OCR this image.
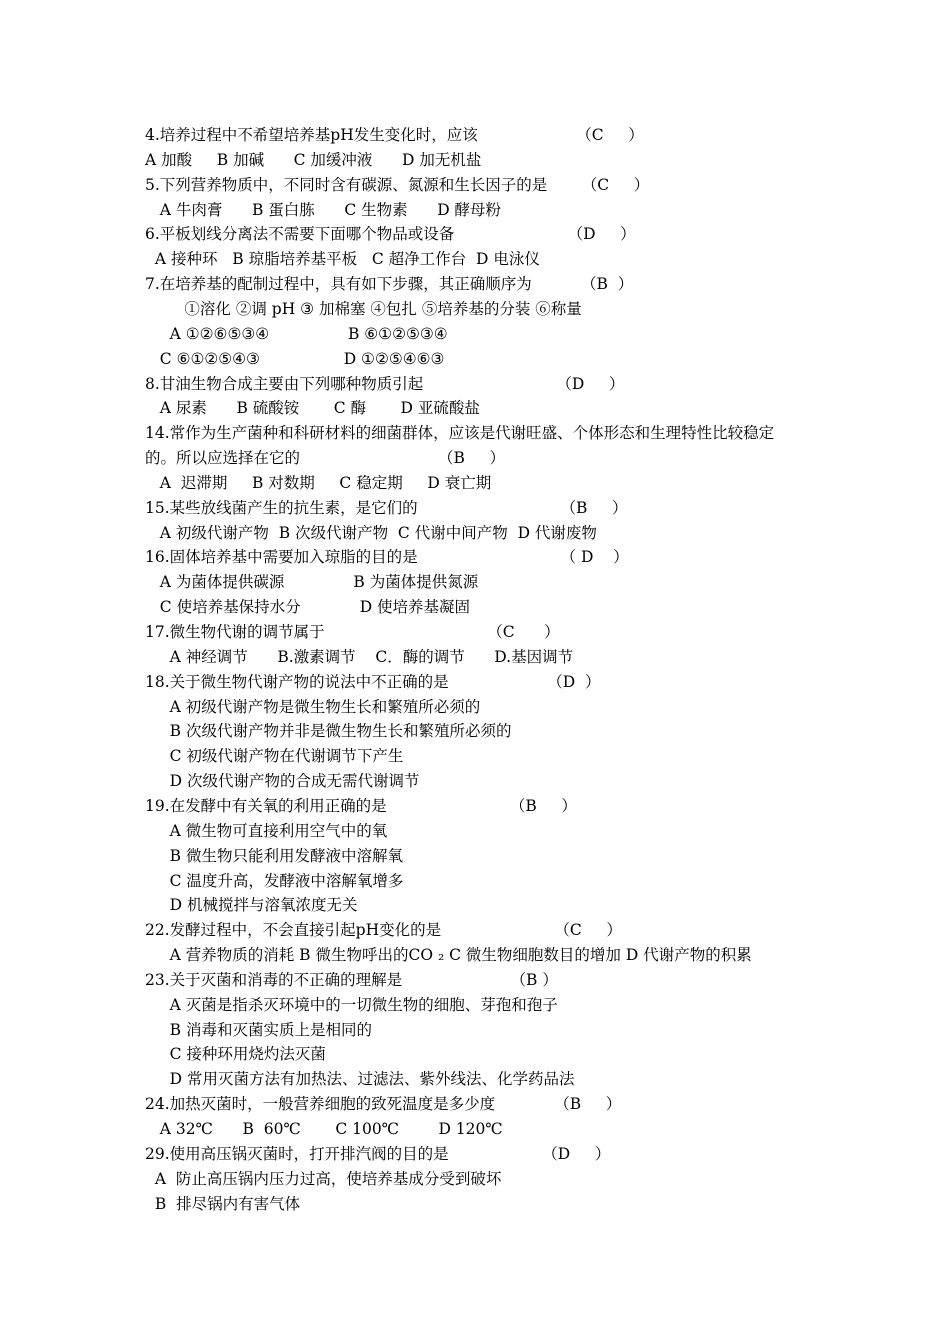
4.培养过程中不希望培养基pH发生变化时，应该                    （C     ）
A 加酸     B 加碱      C 加缓冲液      D 加无机盐
5.下列营养物质中，不同时含有碳源、氮源和生长因子的是       （C     ）
A 牛肉膏      B 蛋白胨      C 生物素      D 酵母粉
6.平板划线分离法不需要下面哪个物品或设备                       （D     ）
A 接种环   B 琼脂培养基平板   C 超净工作台  D 电泳仪
7.在培养基的配制过程中，具有如下步骤，其正确顺序为          （B  ）
①溶化 ②调 pH ③ 加棉塞 ④包扎 ⑤培养基的分装 ⑥称量
A ①②⑥⑤③④                B ⑥①②⑤③④
C ⑥①②⑤④③                 D ①②⑤④⑥③
8.甘油生物合成主要由下列哪种物质引起                           （D     ）
A 尿素      B 硫酸铵       C 酶       D 亚硫酸盐
14.常作为生产菌种和科研材料的细菌群体，应该是代谢旺盛、个体形态和生理特性比较稳定
的。所以应选择在它的                            （B     ）
A  迟滞期     B 对数期     C 稳定期     D 衰亡期
15.某些放线菌产生的抗生素，是它们的                             （B     ）
A 初级代谢产物  B 次级代谢产物  C 代谢中间产物  D 代谢废物
16.固体培养基中需要加入琼脂的目的是                             （ D    ）
A 为菌体提供碳源              B 为菌体提供氮源
C 使培养基保持水分            D 使培养基凝固
17.微生物代谢的调节属于                                 （C      ）
A 神经调节      B.激素调节    C．酶的调节      D.基因调节
18.关于微生物代谢产物的说法中不正确的是                    （D  ）
A 初级代谢产物是微生物生长和繁殖所必须的
B 次级代谢产物并非是微生物生长和繁殖所必须的
C 初级代谢产物在代谢调节下产生
D 次级代谢产物的合成无需代谢调节
19.在发酵中有关氧的利用正确的是                         （B     ）
A 微生物可直接利用空气中的氧
B 微生物只能利用发酵液中溶解氧
C 温度升高，发酵液中溶解氧增多
D 机械搅拌与溶氧浓度无关
22.发酵过程中，不会直接引起pH变化的是                       （C     ）
A 营养物质的消耗 B 微生物呼出的CO ₂ C 微生物细胞数目的增加 D 代谢产物的积累
23.关于灭菌和消毒的不正确的理解是                      （B ）
A 灭菌是指杀灭环境中的一切微生物的细胞、芽孢和孢子
B 消毒和灭菌实质上是相同的
C 接种环用烧灼法灭菌
D 常用灭菌方法有加热法、过滤法、紫外线法、化学药品法
24.加热灭菌时，一般营养细胞的致死温度是多少度            （B     ）
A 32℃      B  60℃       C 100℃        D 120℃
29.使用高压锅灭菌时，打开排汽阀的目的是                   （D     ）
A  防止高压锅内压力过高，使培养基成分受到破坏
B  排尽锅内有害气体
